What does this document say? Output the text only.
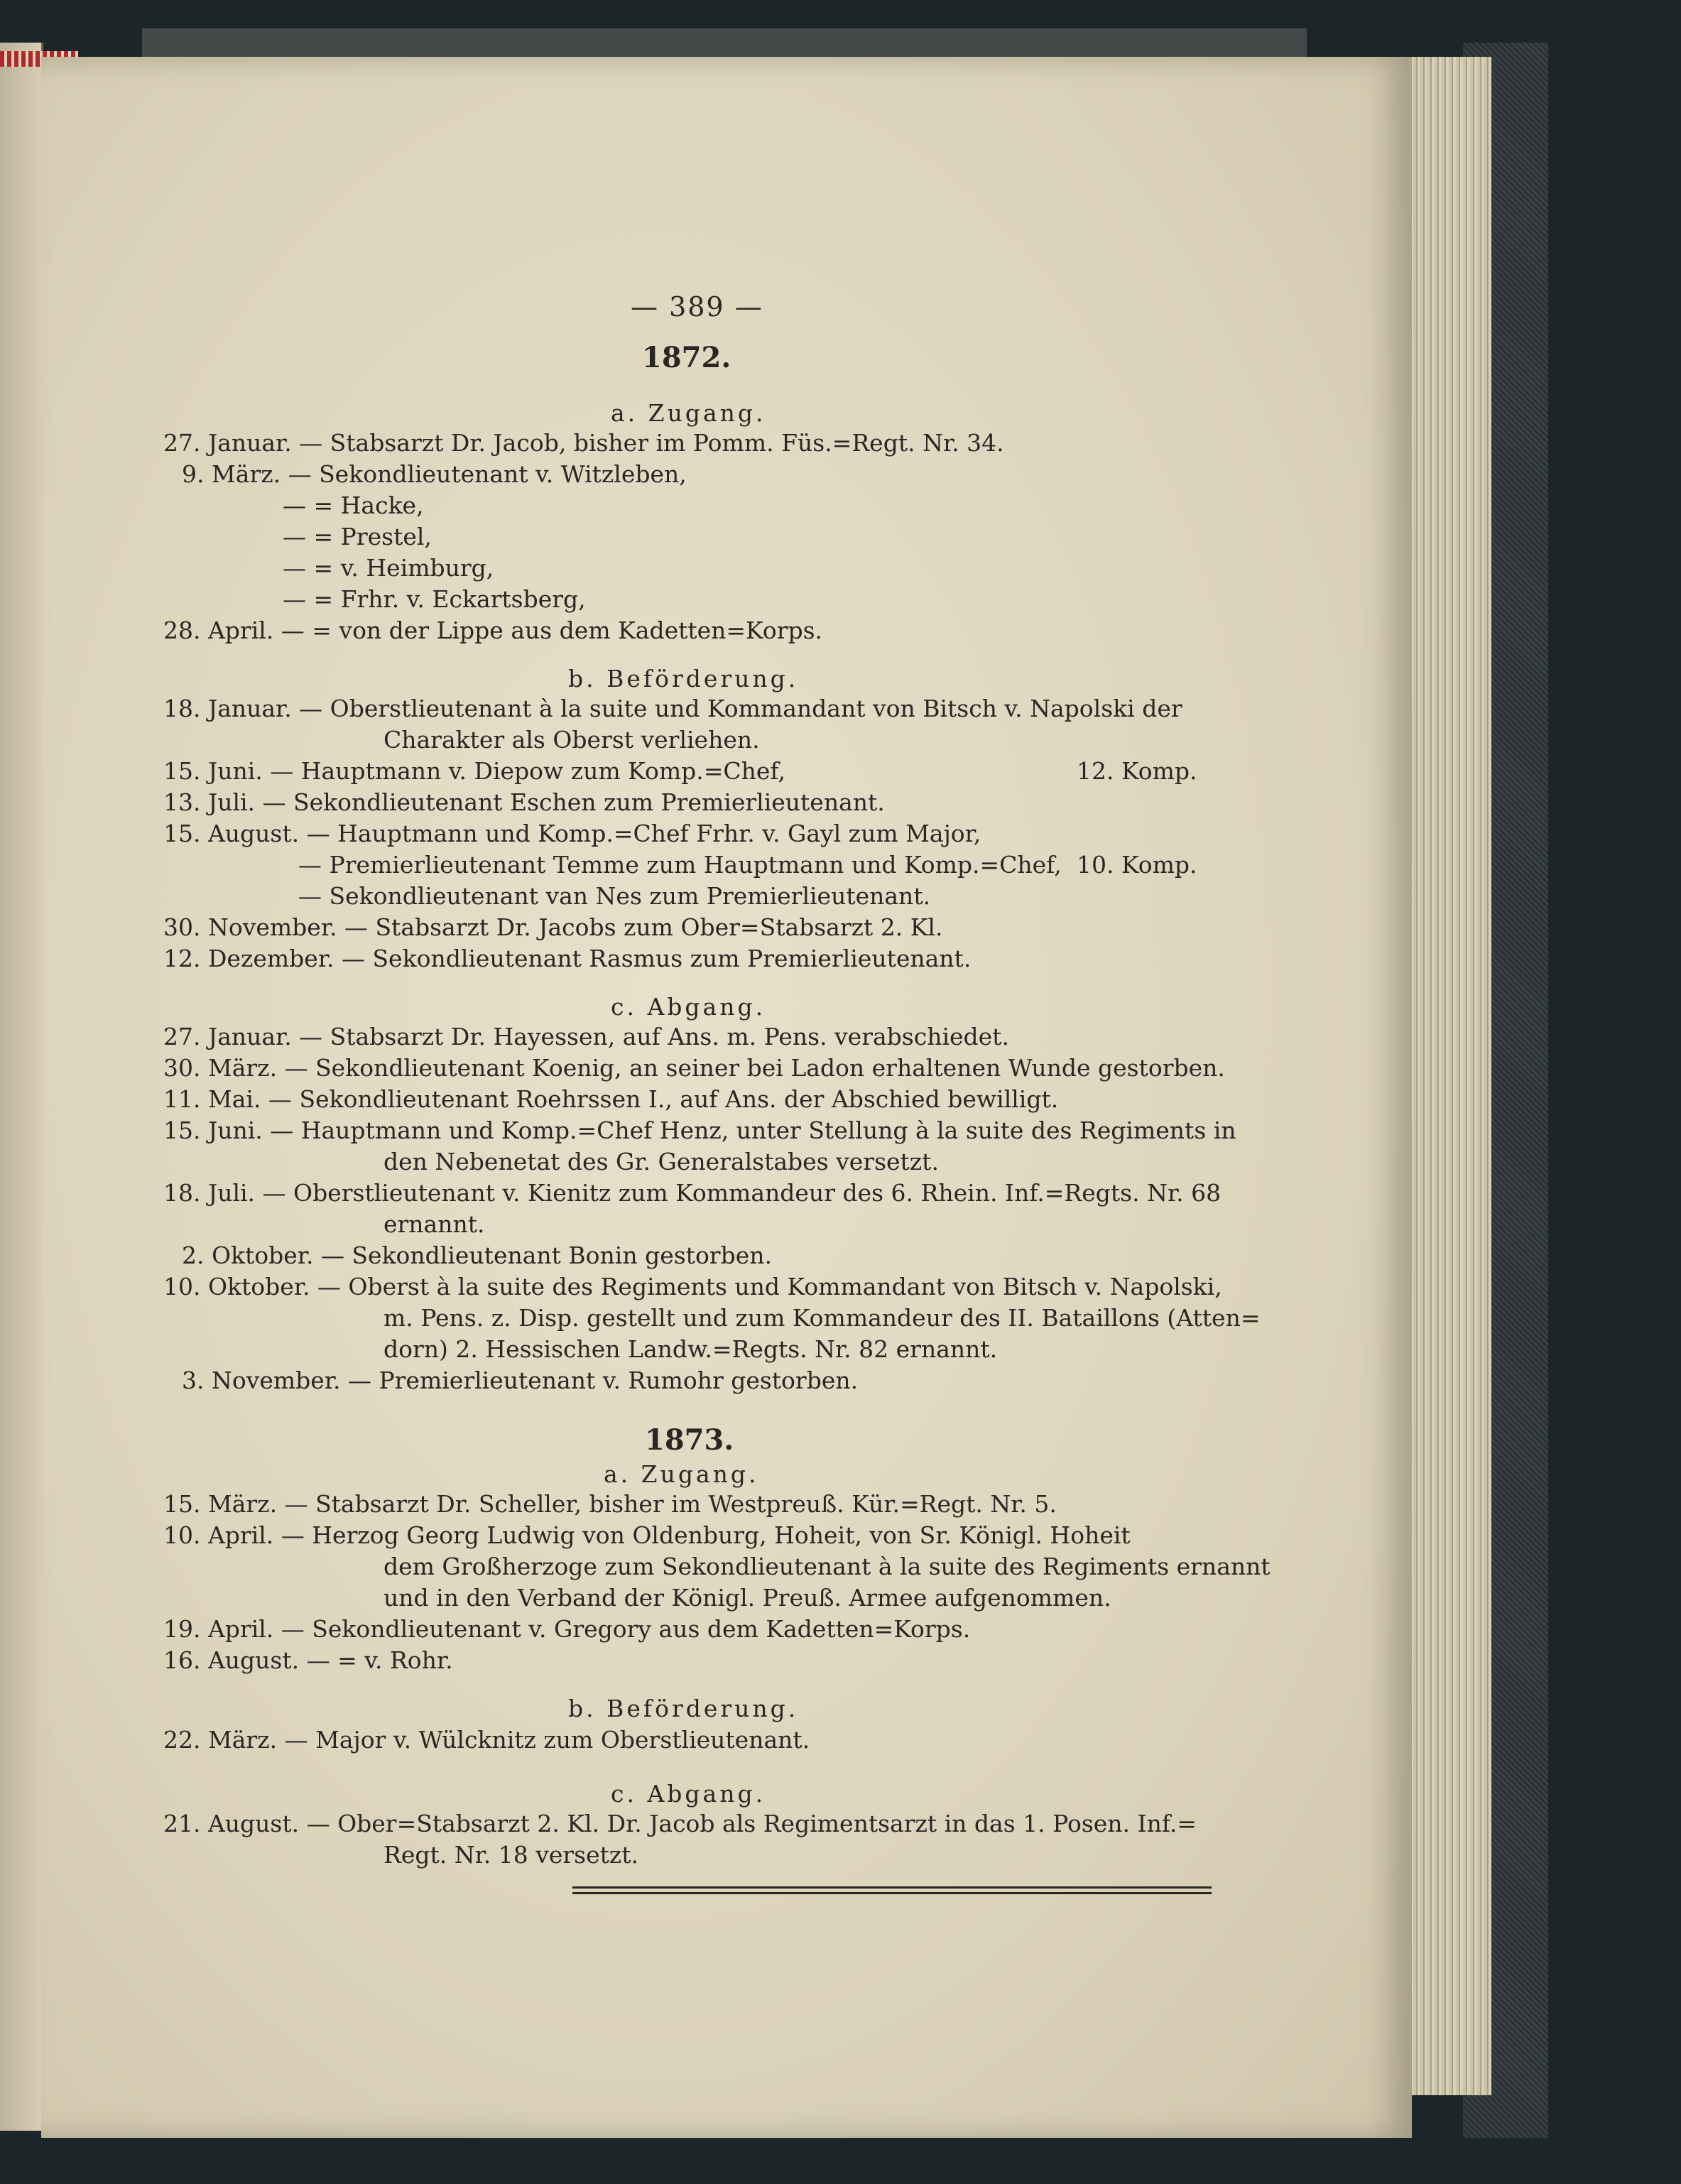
— 389 —
1872.
a. Zugang.
27. Januar. — Stabsarzt Dr. Jacob, bisher im Pomm. Füs.=Regt. Nr. 34.
9. März. — Sekondlieutenant v. Witzleben,
— = Hacke,
— = Prestel,
— = v. Heimburg,
— = Frhr. v. Eckartsberg,
28. April. — = von der Lippe aus dem Kadetten=Korps.
b. Beförderung.
18. Januar. — Oberstlieutenant à la suite und Kommandant von Bitsch v. Napolski der
Charakter als Oberst verliehen.
15. Juni. — Hauptmann v. Diepow zum Komp.=Chef,	12. Komp.
13. Juli. — Sekondlieutenant Eschen zum Premierlieutenant.
15. August. — Hauptmann und Komp.=Chef Frhr. v. Gayl zum Major,
— Premierlieutenant Temme zum Hauptmann und Komp.=Chef, 10. Komp.
— Sekondlieutenant van Nes zum Premierlieutenant.
30. November. — Stabsarzt Dr. Jacobs zum Ober=Stabsarzt 2. Kl.
12. Dezember. — Sekondlieutenant Rasmus zum Premierlieutenant.
c. Abgang.
27. Januar. — Stabsarzt Dr. Hayessen, auf Ans. m. Pens. verabschiedet.
30. März. — Sekondlieutenant Koenig, an seiner bei Ladon erhaltenen Wunde gestorben.
11. Mai. — Sekondlieutenant Roehrssen I., auf Ans. der Abschied bewilligt.
15. Juni. — Hauptmann und Komp.=Chef Henz, unter Stellung à la suite des Regiments in
den Nebenetat des Gr. Generalstabes versetzt.
18. Juli. — Oberstlieutenant v. Kienitz zum Kommandeur des 6. Rhein. Inf.=Regts. Nr. 68
ernannt.
2. Oktober. — Sekondlieutenant Bonin gestorben.
10. Oktober. — Oberst à la suite des Regiments und Kommandant von Bitsch v. Napolski,
m. Pens. z. Disp. gestellt und zum Kommandeur des II. Bataillons (Atten=
dorn) 2. Hessischen Landw.=Regts. Nr. 82 ernannt.
3. November. — Premierlieutenant v. Rumohr gestorben.
1873.
a. Zugang.
15. März. — Stabsarzt Dr. Scheller, bisher im Westpreuß. Kür.=Regt. Nr. 5.
10. April. — Herzog Georg Ludwig von Oldenburg, Hoheit, von Sr. Königl. Hoheit
dem Großherzoge zum Sekondlieutenant à la suite des Regiments ernannt
und in den Verband der Königl. Preuß. Armee aufgenommen.
19. April. — Sekondlieutenant v. Gregory aus dem Kadetten=Korps.
16. August. — = v. Rohr.
b. Beförderung.
22. März. — Major v. Wülcknitz zum Oberstlieutenant.
c. Abgang.
21. August. — Ober=Stabsarzt 2. Kl. Dr. Jacob als Regimentsarzt in das 1. Posen. Inf.=
Regt. Nr. 18 versetzt.
